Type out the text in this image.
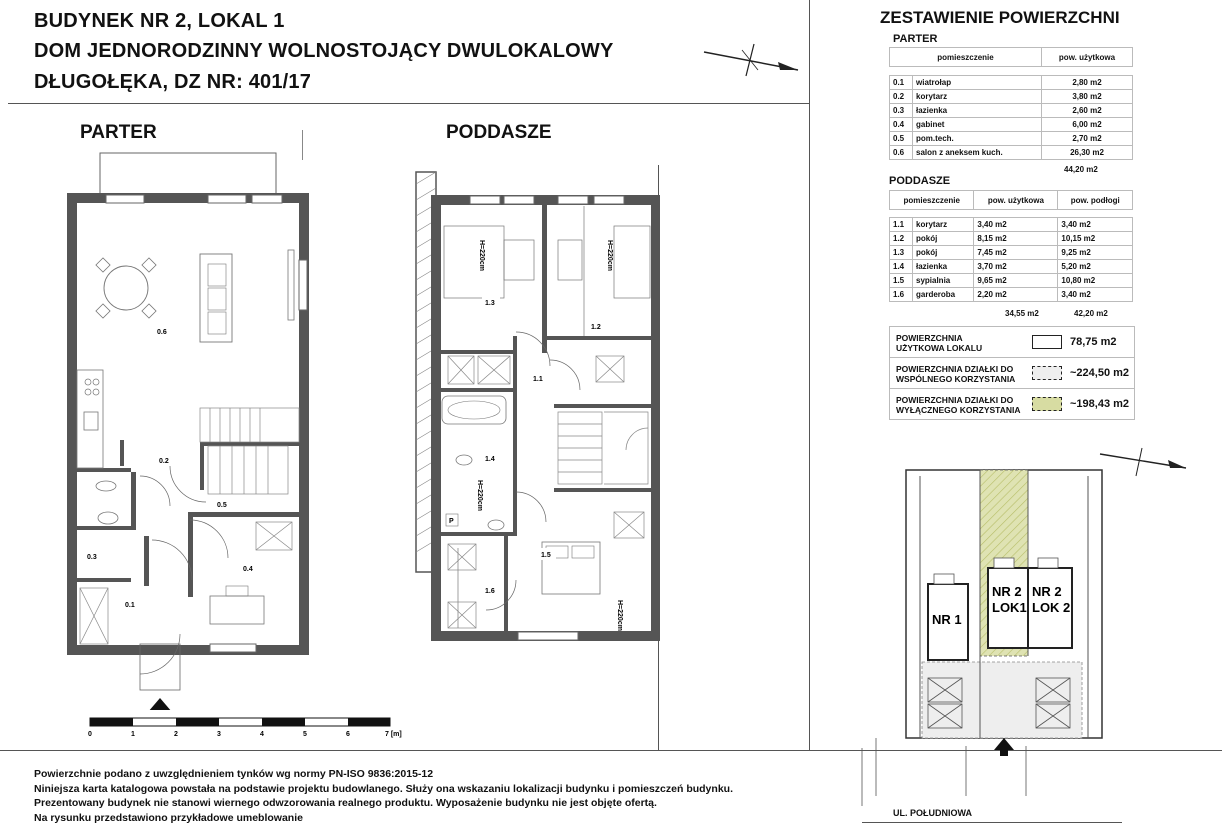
BUDYNEK NR 2, LOKAL 1
DOM JEDNORODZINNY WOLNOSTOJĄCY DWULOKALOWY
DŁUGOŁĘKA, DZ NR: 401/17
PARTER	PODDASZE
0.6
0.2
0.5
0.3
0.4
0.1
H=220cm	H=220cm
H=220cm
H=220cm
1.3
1.2
1.1
1.4
1.5
1.6
P
0	1	2	3	4	5	6	7 [m]
ZESTAWIENIE POWIERZCHNI
PARTER
pomieszczenie		pow. użytkowa

0.1	wiatrołap	2,80 m2
0.2	korytarz	3,80 m2
0.3	łazienka	2,60 m2
0.4	gabinet	6,00 m2
0.5	pom.tech.	2,70 m2
0.6	salon z aneksem kuch.	26,30 m2
44,20 m2
PODDASZE
pomieszczenie		pow. użytkowa	pow. podłogi

1.1	korytarz	3,40 m2	3,40 m2
1.2	pokój	8,15 m2	10,15 m2
1.3	pokój	7,45 m2	9,25 m2
1.4	łazienka	3,70 m2	5,20 m2
1.5	sypialnia	9,65 m2	10,80 m2
1.6	garderoba	2,20 m2	3,40 m2
34,55 m2	42,20 m2
POWIERZCHNIA
UŻYTKOWA LOKALU	78,75 m2
POWIERZCHNIA DZIAŁKI DO
WSPÓLNEGO KORZYSTANIA	~224,50 m2
POWIERZCHNIA DZIAŁKI DO
WYŁĄCZNEGO KORZYSTANIA	~198,43 m2
NR 1
NR 2
LOK1
NR 2
LOK 2
UL. POŁUDNIOWA
Powierzchnie podano z uwzględnieniem tynków wg normy PN-ISO 9836:2015-12
Niniejsza karta katalogowa powstała na podstawie projektu budowlanego. Służy ona wskazaniu lokalizacji budynku i pomieszczeń budynku.
Prezentowany budynek nie stanowi wiernego odwzorowania realnego produktu. Wyposażenie budynku nie jest objęte ofertą.
Na rysunku przedstawiono przykładowe umeblowanie
